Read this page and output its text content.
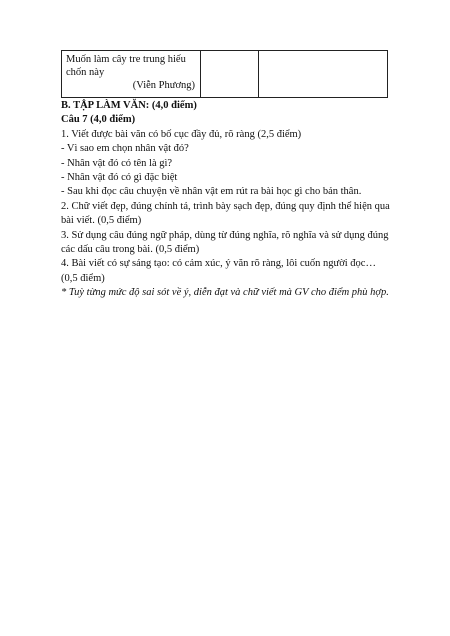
Muốn làm cây tre trung hiếu
chốn này
(Viễn Phương)

B. TẬP LÀM VĂN: (4,0 điểm)

Câu 7 (4,0 điểm)

1. Viết được bài văn có bố cục đầy đủ, rõ ràng (2,5 điểm)

- Vì sao em chọn nhân vật đó?

- Nhân vật đó có tên là gì?

- Nhân vật đó có gì đặc biệt

- Sau khi đọc câu chuyện về nhân vật em rút ra bài học gì cho bản thân.

2. Chữ viết đẹp, đúng chính tả, trình bày sạch đẹp, đúng quy định thể hiện qua bài viết. (0,5 điểm)

3. Sử dụng câu đúng ngữ pháp, dùng từ đúng nghĩa, rõ nghĩa và sử dụng đúng các dấu câu trong bài. (0,5 điểm)

4. Bài viết có sự sáng tạo: có cảm xúc, ý văn rõ ràng, lôi cuốn người đọc…(0,5 điểm)

* Tuỳ từng mức độ sai sót về ý, diễn đạt và chữ viết mà GV cho điểm phù hợp.
